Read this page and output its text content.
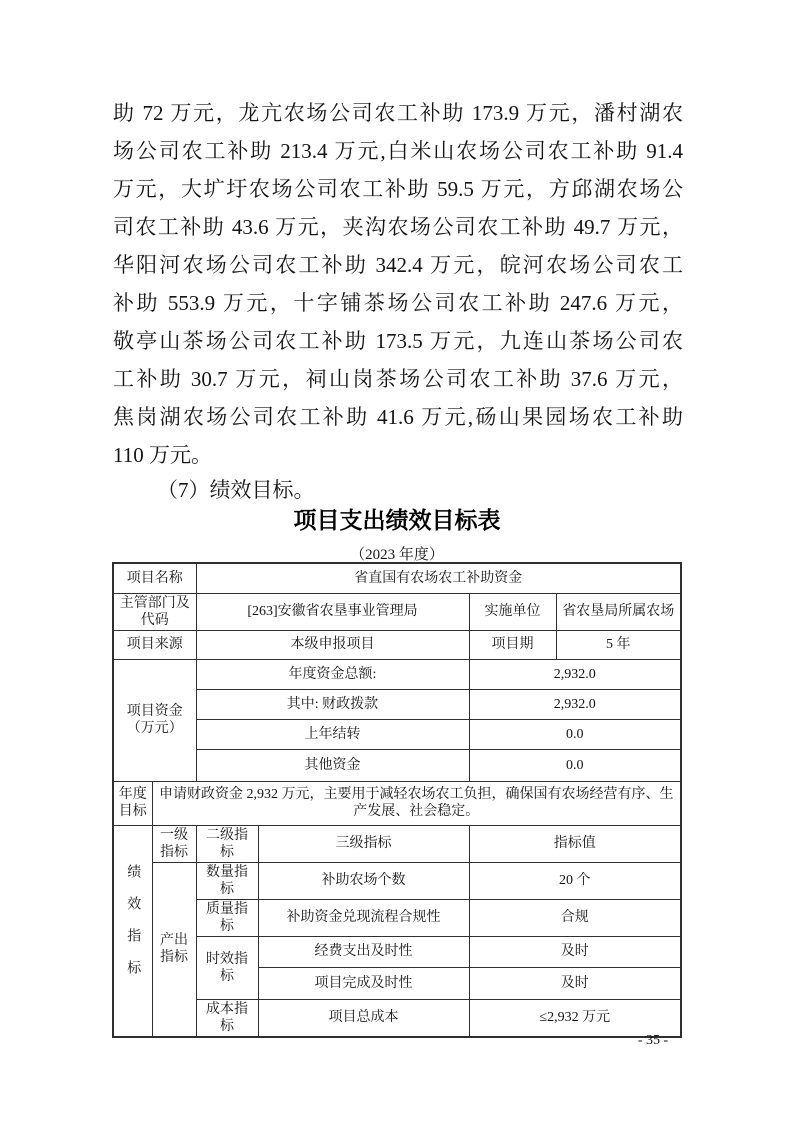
助 72 万元，龙亢农场公司农工补助 173.9 万元，潘村湖农
场公司农工补助 213.4 万元,白米山农场公司农工补助 91.4
万元，大圹圩农场公司农工补助 59.5 万元，方邱湖农场公
司农工补助 43.6 万元，夹沟农场公司农工补助 49.7 万元，
华阳河农场公司农工补助 342.4 万元，皖河农场公司农工
补助 553.9 万元，十字铺茶场公司农工补助 247.6 万元，
敬亭山茶场公司农工补助 173.5 万元，九连山茶场公司农
工补助 30.7 万元，祠山岗茶场公司农工补助 37.6 万元，
焦岗湖农场公司农工补助 41.6 万元,砀山果园场农工补助
110 万元。
（7）绩效目标。
项目支出绩效目标表
（2023 年度）
项目名称		省直国有农场农工补助资金			
主管部门及代码		[263]安徽省农垦事业管理局		实施单位	省农垦局所属农场
项目来源		本级申报项目		项目期	5 年

项目资金
（万元）		年度资金总额:		2,932.0	
		其中: 财政拨款		2,932.0	
		上年结转		0.0	
		其他资金		0.0	
年度目标	申请财政资金 2,932 万元，主要用于减轻农场农工负担，确保国有农场经营有序、生产发展、社会稳定。				
绩效指标	一级指标	二级指标	三级指标	指标值	
	产出指标	数量指标	补助农场个数	20 个	
		质量指标	补助资金兑现流程合规性	合规	
		时效指标	经费支出及时性	及时	
			项目完成及时性	及时	
		成本指标	项目总成本	≤2,932 万元	
- 35 -
